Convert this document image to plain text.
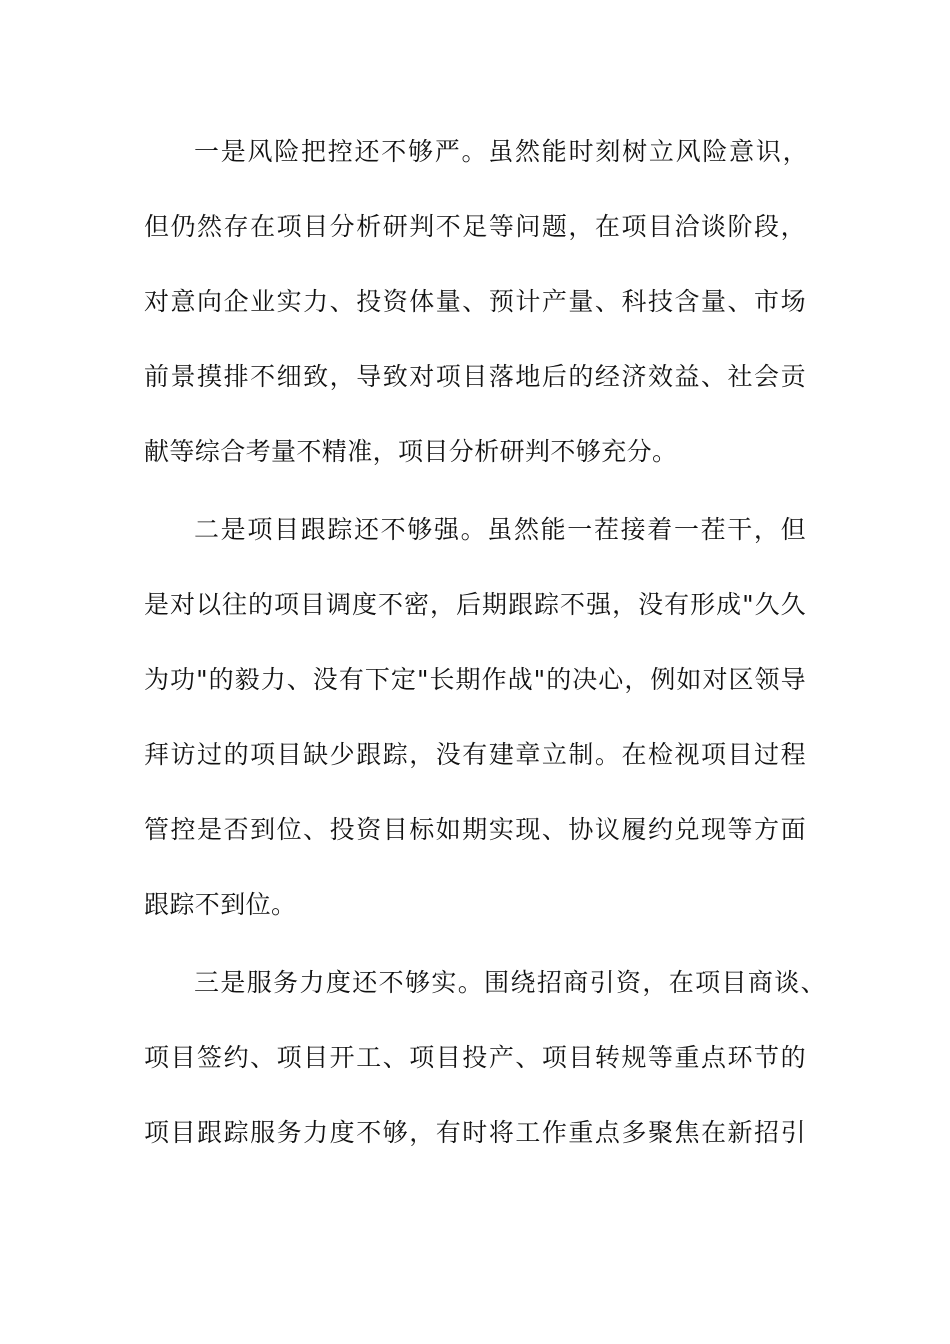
一是风险把控还不够严。虽然能时刻树立风险意识，
但仍然存在项目分析研判不足等问题，在项目洽谈阶段，
对意向企业实力、投资体量、预计产量、科技含量、市场
前景摸排不细致，导致对项目落地后的经济效益、社会贡
献等综合考量不精准，项目分析研判不够充分。
二是项目跟踪还不够强。虽然能一茬接着一茬干，但
是对以往的项目调度不密，后期跟踪不强，没有形成"久久
为功"的毅力、没有下定"长期作战"的决心，例如对区领导
拜访过的项目缺少跟踪，没有建章立制。在检视项目过程
管控是否到位、投资目标如期实现、协议履约兑现等方面
跟踪不到位。
三是服务力度还不够实。围绕招商引资，在项目商谈、
项目签约、项目开工、项目投产、项目转规等重点环节的
项目跟踪服务力度不够，有时将工作重点多聚焦在新招引
